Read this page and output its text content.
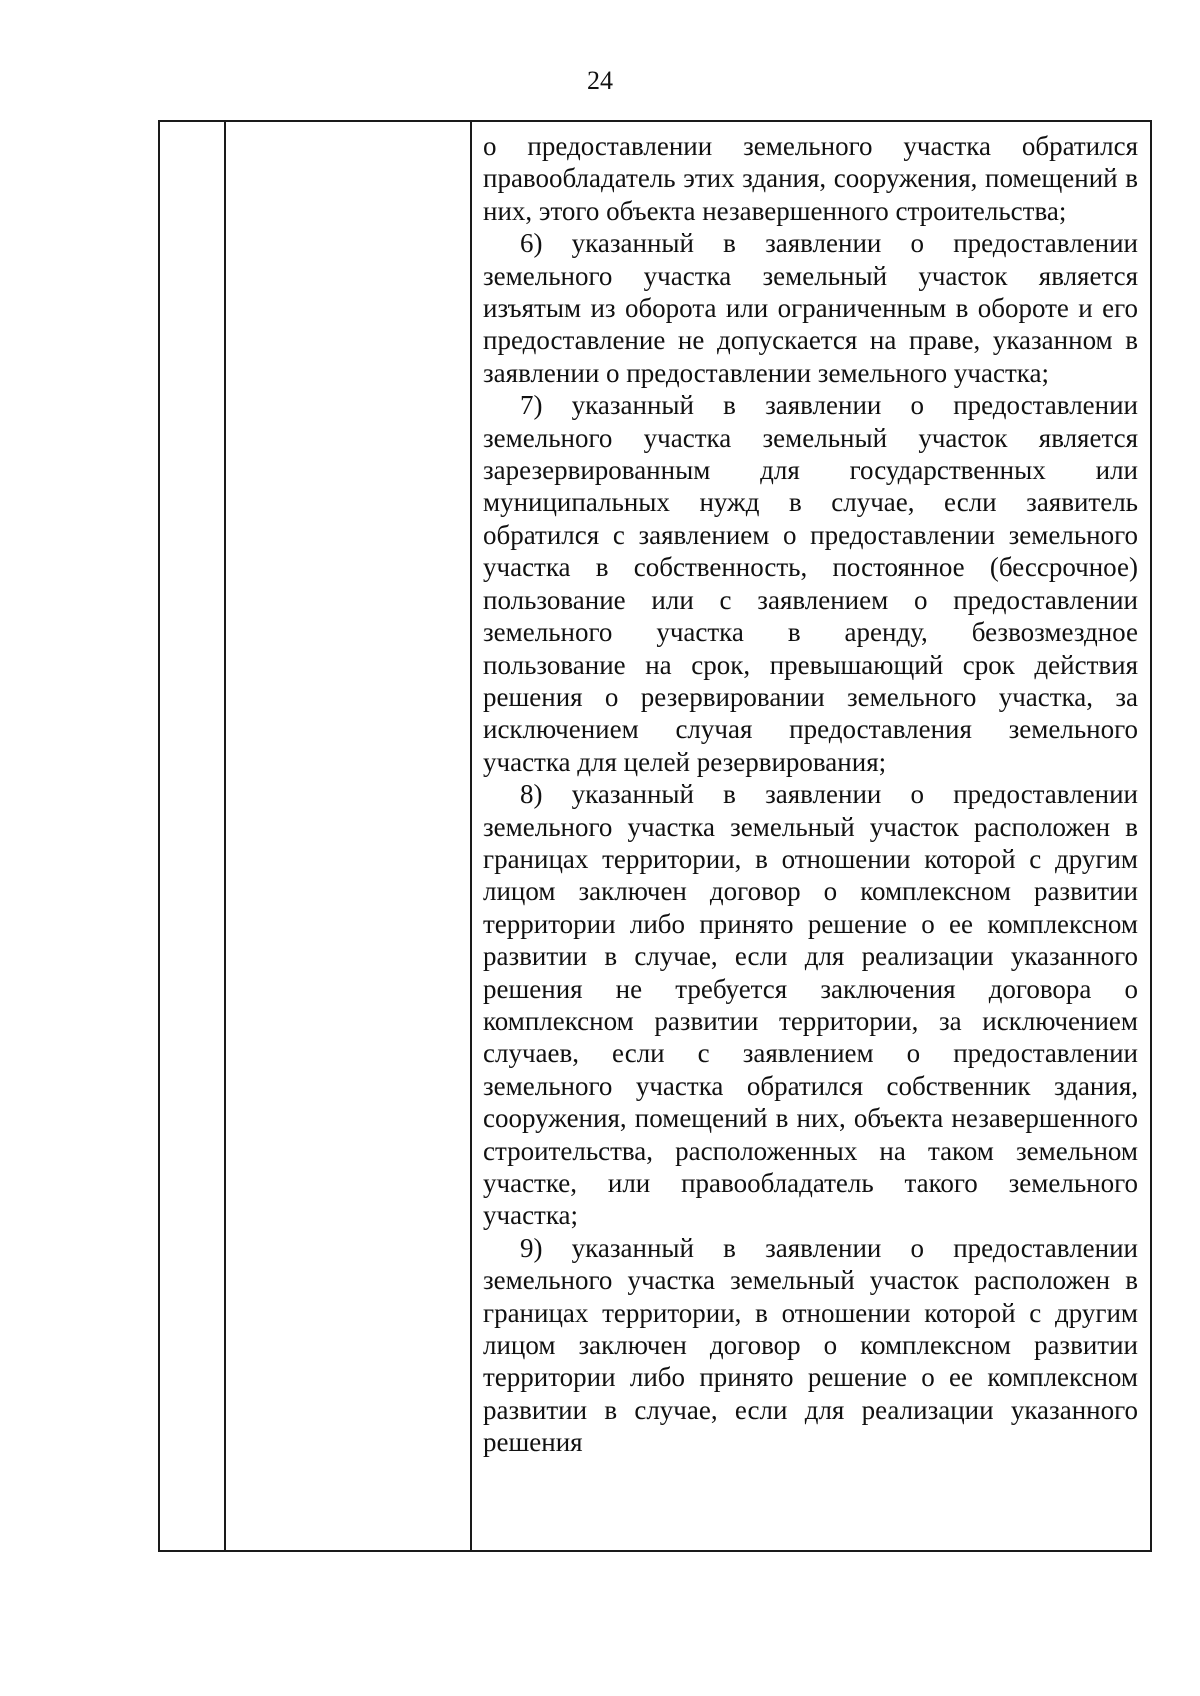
24

о предоставлении земельного участка обратился правообладатель этих здания, сооружения, помещений в них, этого объекта незавершенного строительства;

6) указанный в заявлении о предоставлении земельного участка земельный участок является изъятым из оборота или ограниченным в обороте и его предоставление не допускается на праве, указанном в заявлении о предоставлении земельного участка;

7) указанный в заявлении о предоставлении земельного участка земельный участок является зарезервированным для государственных или муниципальных нужд в случае, если заявитель обратился с заявлением о предоставлении земельного участка в собственность, постоянное (бессрочное) пользование или с заявлением о предоставлении земельного участка в аренду, безвозмездное пользование на срок, превышающий срок действия решения о резервировании земельного участка, за исключением случая предоставления земельного участка для целей резервирования;

8) указанный в заявлении о предоставлении земельного участка земельный участок расположен в границах территории, в отношении которой с другим лицом заключен договор о комплексном развитии территории либо принято решение о ее комплексном развитии в случае, если для реализации указанного решения не требуется заключения договора о комплексном развитии территории, за исключением случаев, если с заявлением о предоставлении земельного участка обратился собственник здания, сооружения, помещений в них, объекта незавершенного строительства, расположенных на таком земельном участке, или правообладатель такого земельного участка;

9) указанный в заявлении о предоставлении земельного участка земельный участок расположен в границах территории, в отношении которой с другим лицом заключен договор о комплексном развитии территории либо принято решение о ее комплексном развитии в случае, если для реализации указанного решения
